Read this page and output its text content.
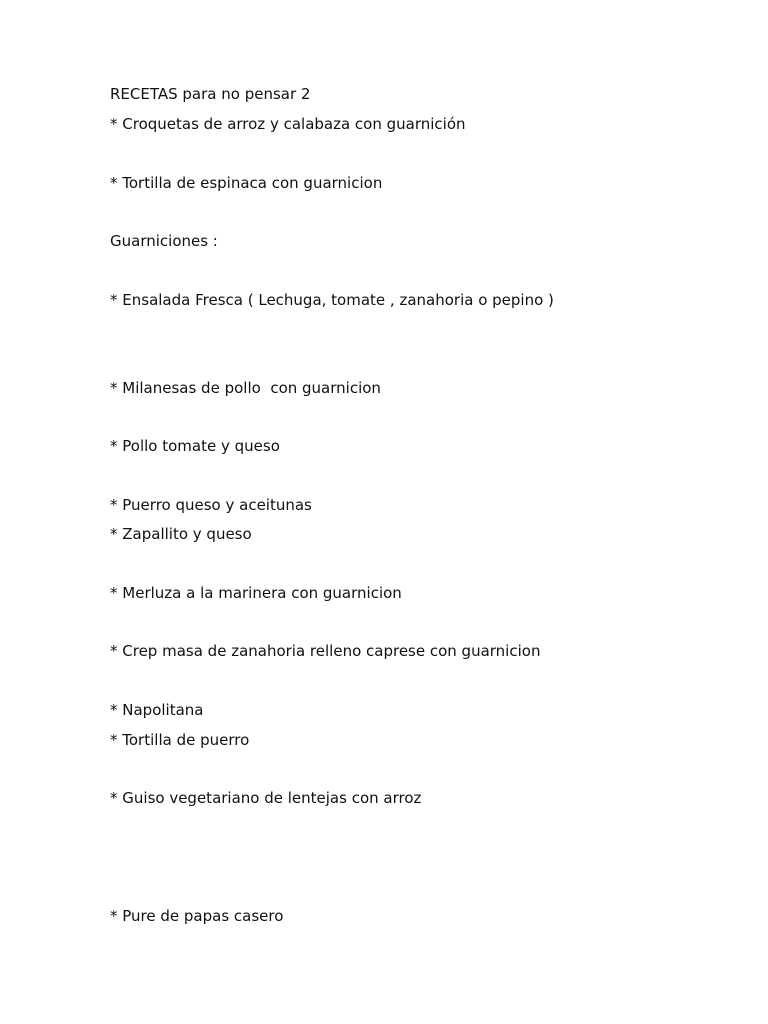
RECETAS para no pensar 2
* Croquetas de arroz y calabaza con guarnición
* Tortilla de espinaca con guarnicion
Guarniciones :
* Ensalada Fresca ( Lechuga, tomate , zanahoria o pepino )
* Milanesas de pollo  con guarnicion
* Pollo tomate y queso
* Puerro queso y aceitunas
* Zapallito y queso
* Merluza a la marinera con guarnicion
* Crep masa de zanahoria relleno caprese con guarnicion
* Napolitana
* Tortilla de puerro
* Guiso vegetariano de lentejas con arroz
* Pure de papas casero
